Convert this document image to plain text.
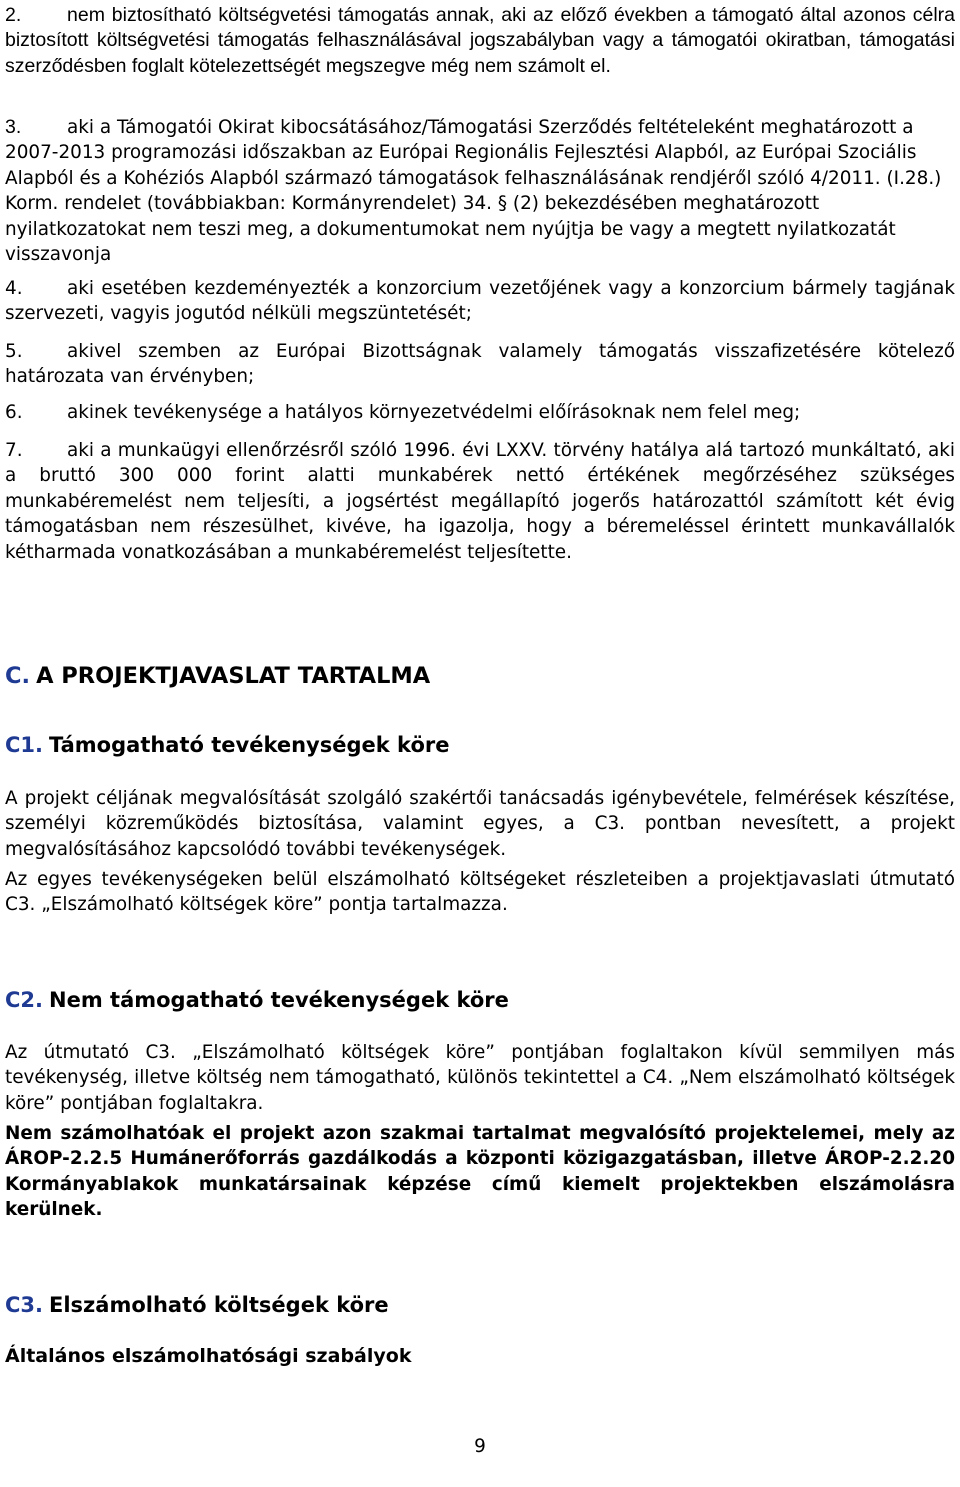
2. nem biztosítható költségvetési támogatás annak, aki az előző években a támogató által azonos célra biztosított költségvetési támogatás felhasználásával jogszabályban vagy a támogatói okiratban, támogatási szerződésben foglalt kötelezettségét megszegve még nem számolt el.

3. aki a Támogatói Okirat kibocsátásához/Támogatási Szerződés feltételeként meghatározott a 2007-2013 programozási időszakban az Európai Regionális Fejlesztési Alapból, az Európai Szociális Alapból és a Kohéziós Alapból származó támogatások felhasználásának rendjéről szóló 4/2011. (I.28.) Korm. rendelet (továbbiakban: Kormányrendelet) 34. § (2) bekezdésében meghatározott nyilatkozatokat nem teszi meg, a dokumentumokat nem nyújtja be vagy a megtett nyilatkozatát visszavonja

4. aki esetében kezdeményezték a konzorcium vezetőjének vagy a konzorcium bármely tagjának szervezeti, vagyis jogutód nélküli megszüntetését;

5. akivel szemben az Európai Bizottságnak valamely támogatás visszafizetésére kötelező határozata van érvényben;

6. akinek tevékenysége a hatályos környezetvédelmi előírásoknak nem felel meg;

7. aki a munkaügyi ellenőrzésről szóló 1996. évi LXXV. törvény hatálya alá tartozó munkáltató, aki a bruttó 300 000 forint alatti munkabérek nettó értékének megőrzéséhez szükséges munkabéremelést nem teljesíti, a jogsértést megállapító jogerős határozattól számított két évig támogatásban nem részesülhet, kivéve, ha igazolja, hogy a béremeléssel érintett munkavállalók kétharmada vonatkozásában a munkabéremelést teljesítette.

C. A PROJEKTJAVASLAT TARTALMA
C1. Támogatható tevékenységek köre

A projekt céljának megvalósítását szolgáló szakértői tanácsadás igénybevétele, felmérések készítése, személyi közreműködés biztosítása, valamint egyes, a C3. pontban nevesített, a projekt megvalósításához kapcsolódó további tevékenységek.

Az egyes tevékenységeken belül elszámolható költségeket részleteiben a projektjavaslati útmutató C3. „Elszámolható költségek köre” pontja tartalmazza.

C2. Nem támogatható tevékenységek köre

Az útmutató C3. „Elszámolható költségek köre” pontjában foglaltakon kívül semmilyen más tevékenység, illetve költség nem támogatható, különös tekintettel a C4. „Nem elszámolható költségek köre” pontjában foglaltakra.

Nem számolhatóak el projekt azon szakmai tartalmat megvalósító projektelemei, mely az ÁROP-2.2.5 Humánerőforrás gazdálkodás a központi közigazgatásban, illetve ÁROP-2.2.20 Kormányablakok munkatársainak képzése című kiemelt projektekben elszámolásra kerülnek.

C3. Elszámolható költségek köre
Általános elszámolhatósági szabályok
9
